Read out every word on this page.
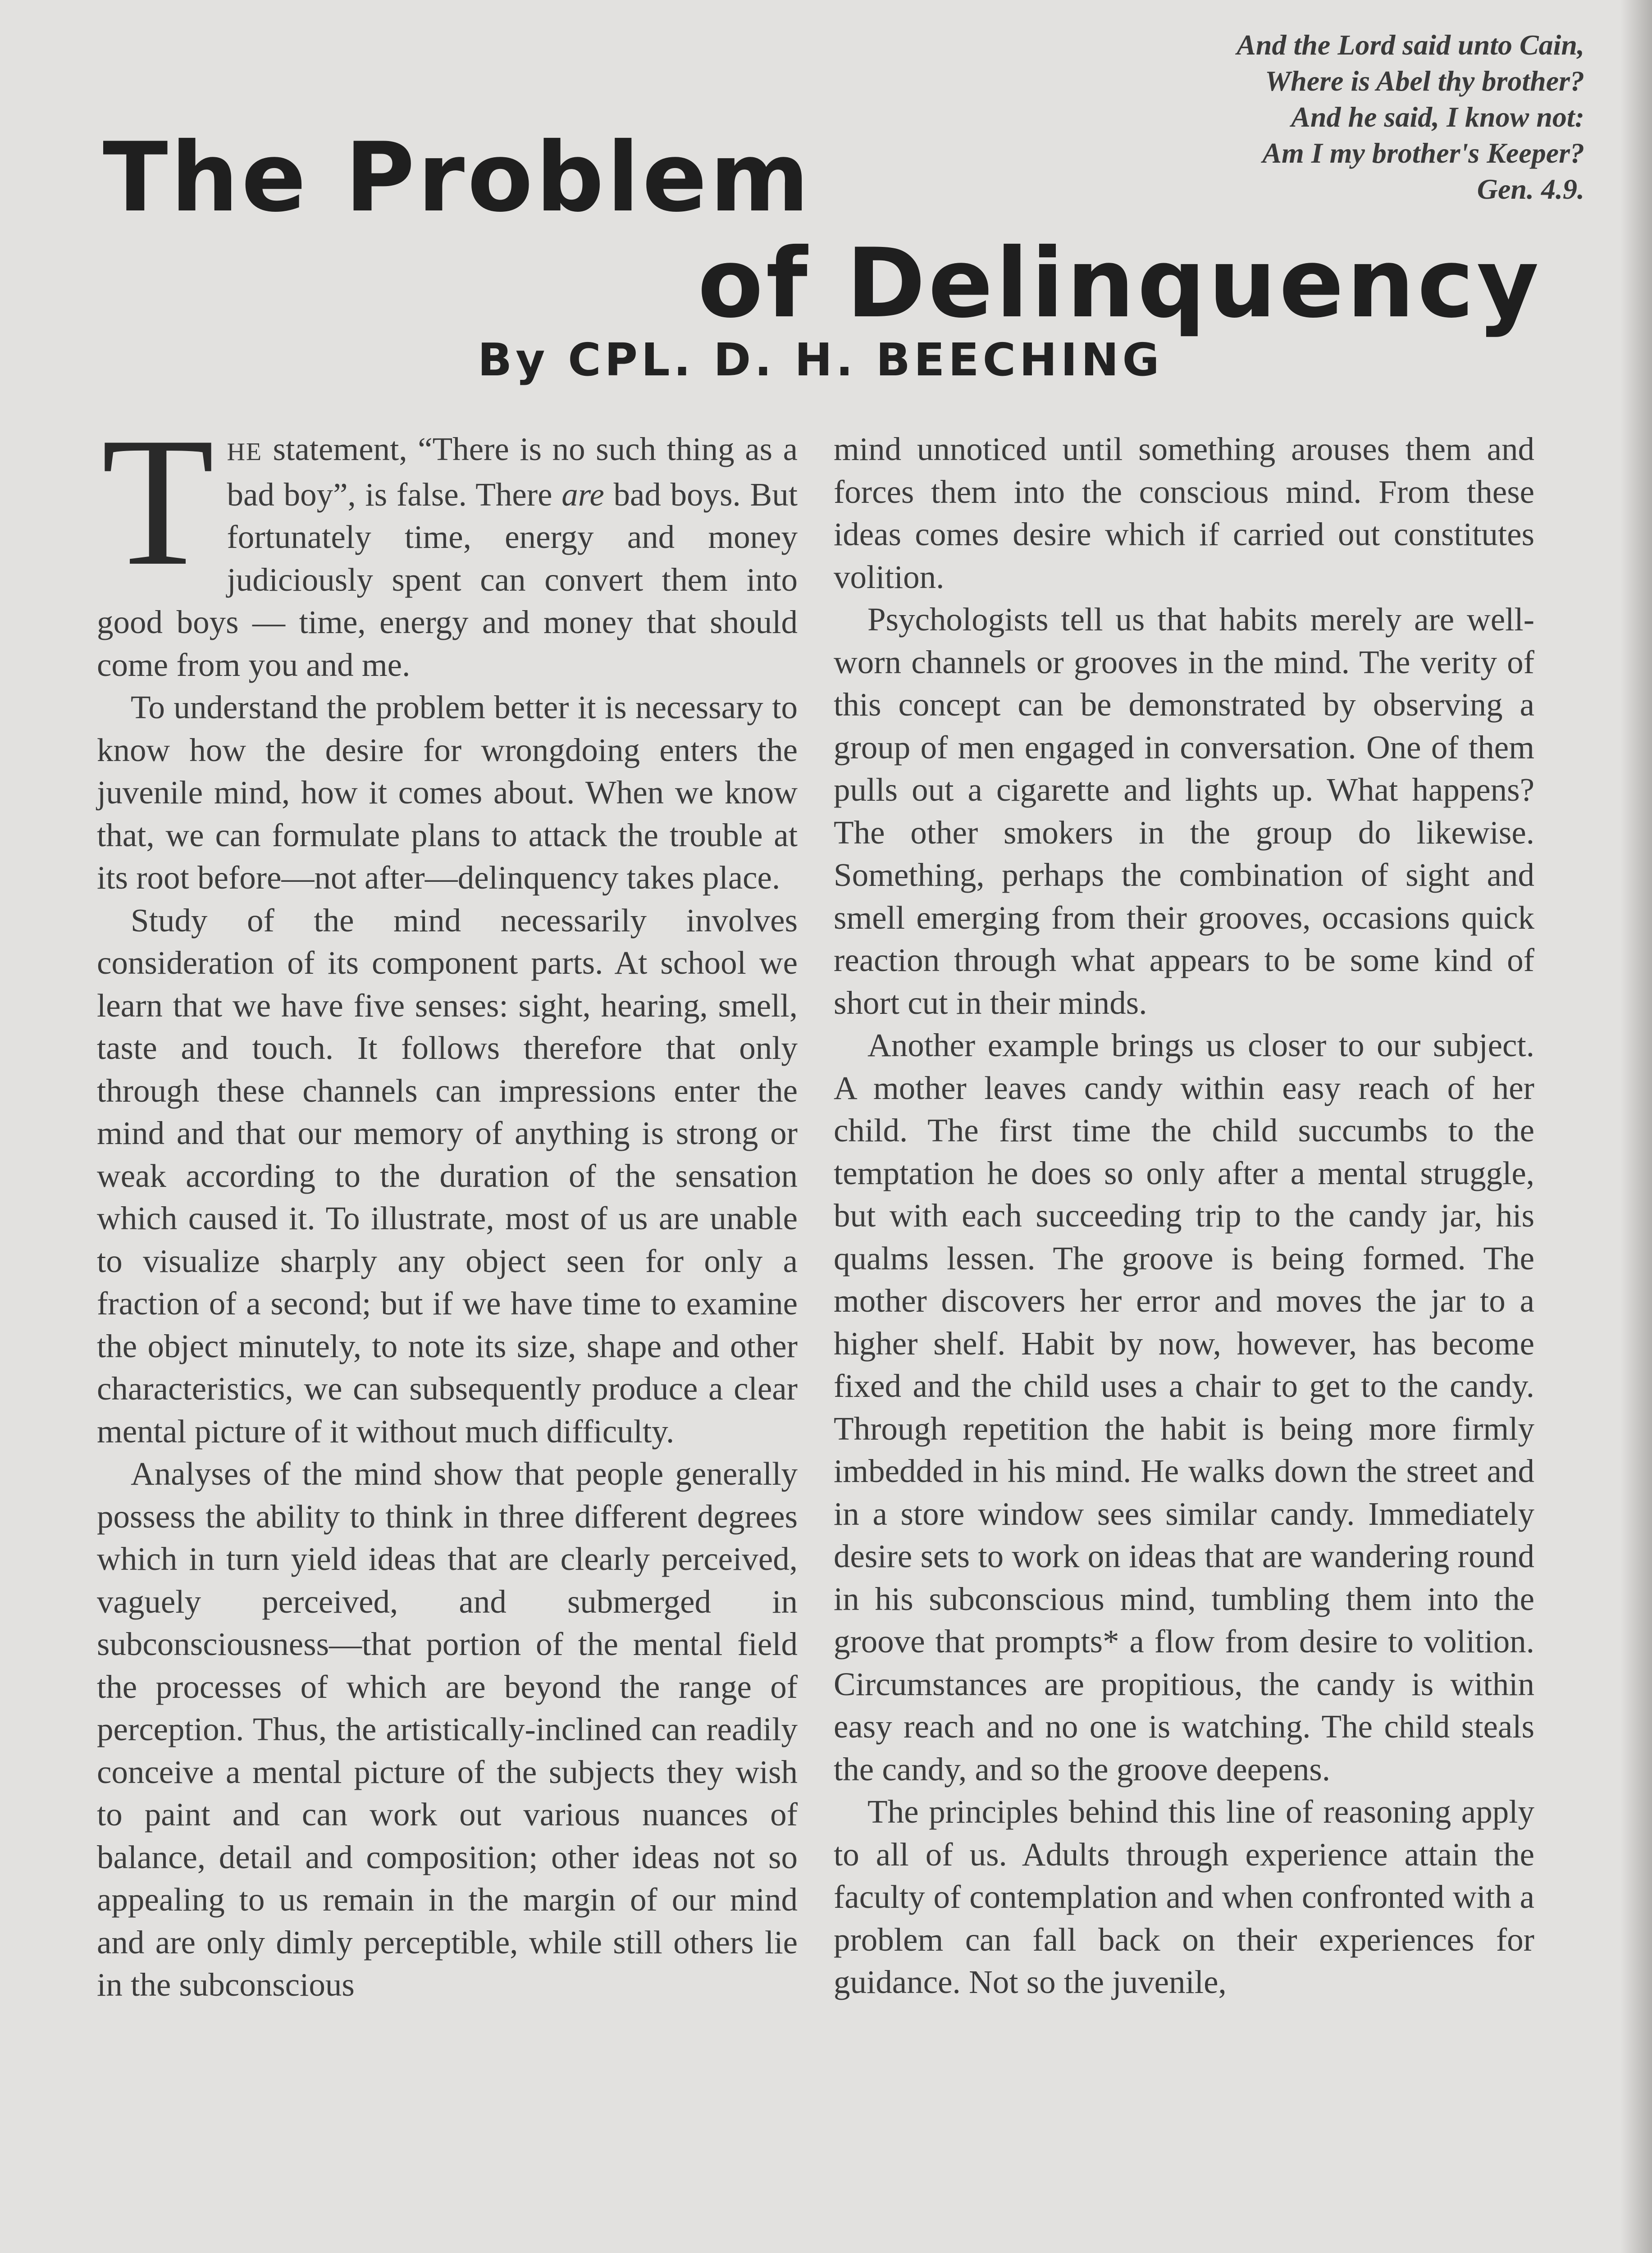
And the Lord said unto Cain,
Where is Abel thy brother?
And he said, I know not:
Am I my brother's Keeper?
Gen. 4.9.
The Problem
of Delinquency
By CPL. D. H. BEECHING

THE statement, “There is no such thing as a bad boy”, is false. There are bad boys. But fortunately time, energy and money judiciously spent can convert them into good boys — time, energy and money that should come from you and me.

To understand the problem better it is necessary to know how the desire for wrongdoing enters the juvenile mind, how it comes about. When we know that, we can formulate plans to attack the trouble at its root before—not after—delinquency takes place.

Study of the mind necessarily involves consideration of its component parts. At school we learn that we have five senses: sight, hearing, smell, taste and touch. It follows therefore that only through these channels can impressions enter the mind and that our memory of anything is strong or weak according to the duration of the sensation which caused it. To illustrate, most of us are unable to visualize sharply any object seen for only a fraction of a second; but if we have time to examine the object minutely, to note its size, shape and other characteristics, we can subsequently produce a clear mental picture of it without much difficulty.

Analyses of the mind show that people generally possess the ability to think in three different degrees which in turn yield ideas that are clearly perceived, vaguely perceived, and submerged in subconsciousness—that portion of the mental field the processes of which are beyond the range of perception. Thus, the artistically-inclined can readily conceive a mental picture of the subjects they wish to paint and can work out various nuances of balance, detail and composition; other ideas not so appealing to us remain in the margin of our mind and are only dimly perceptible, while still others lie in the subconscious

mind unnoticed until something arouses them and forces them into the conscious mind. From these ideas comes desire which if carried out constitutes volition.

Psychologists tell us that habits merely are well-worn channels or grooves in the mind. The verity of this concept can be demonstrated by observing a group of men engaged in conversation. One of them pulls out a cigarette and lights up. What happens? The other smokers in the group do likewise. Something, perhaps the combination of sight and smell emerging from their grooves, occasions quick reaction through what appears to be some kind of short cut in their minds.

Another example brings us closer to our subject. A mother leaves candy within easy reach of her child. The first time the child succumbs to the temptation he does so only after a mental struggle, but with each succeeding trip to the candy jar, his qualms lessen. The groove is being formed. The mother discovers her error and moves the jar to a higher shelf. Habit by now, however, has become fixed and the child uses a chair to get to the candy. Through repetition the habit is being more firmly imbedded in his mind. He walks down the street and in a store window sees similar candy. Immediately desire sets to work on ideas that are wandering round in his subconscious mind, tumbling them into the groove that prompts* a flow from desire to volition. Circumstances are propitious, the candy is within easy reach and no one is watching. The child steals the candy, and so the groove deepens.

The principles behind this line of reasoning apply to all of us. Adults through experience attain the faculty of contemplation and when confronted with a problem can fall back on their experiences for guidance. Not so the juvenile,
